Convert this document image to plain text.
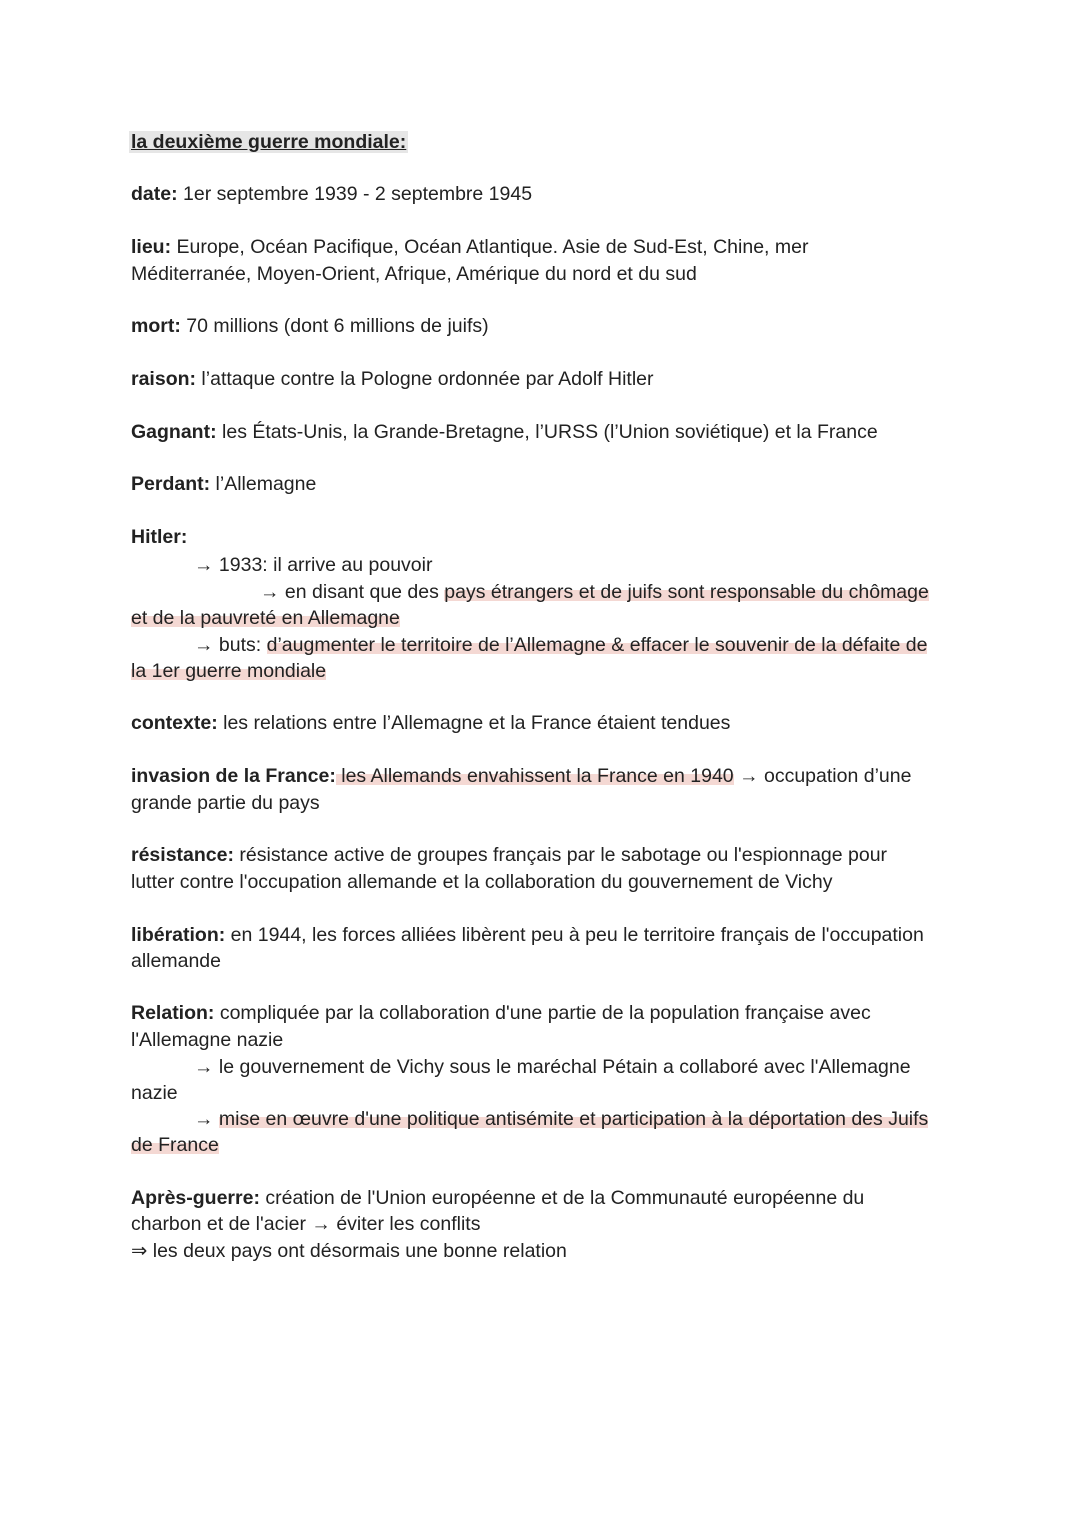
la deuxième guerre mondiale:
date: 1er septembre 1939 - 2 septembre 1945
lieu: Europe, Océan Pacifique, Océan Atlantique. Asie de Sud-Est, Chine, mer
Méditerranée, Moyen-Orient, Afrique, Amérique du nord et du sud
mort: 70 millions (dont 6 millions de juifs)
raison: l’attaque contre la Pologne ordonnée par Adolf Hitler
Gagnant: les États-Unis, la Grande-Bretagne, l’URSS (l’Union soviétique) et la France
Perdant: l’Allemagne
Hitler:
→ 1933: il arrive au pouvoir
→ en disant que des pays étrangers et de juifs sont responsable du chômage
et de la pauvreté en Allemagne
→ buts: d’augmenter le territoire de l’Allemagne & effacer le souvenir de la défaite de
la 1er guerre mondiale
contexte: les relations entre l’Allemagne et la France étaient tendues
invasion de la France: les Allemands envahissent la France en 1940 → occupation d’une
grande partie du pays
résistance: résistance active de groupes français par le sabotage ou l'espionnage pour
lutter contre l'occupation allemande et la collaboration du gouvernement de Vichy
libération: en 1944, les forces alliées libèrent peu à peu le territoire français de l'occupation
allemande
Relation: compliquée par la collaboration d'une partie de la population française avec
l'Allemagne nazie
→ le gouvernement de Vichy sous le maréchal Pétain a collaboré avec l'Allemagne
nazie
→ mise en œuvre d'une politique antisémite et participation à la déportation des Juifs
de France
Après-guerre: création de l'Union européenne et de la Communauté européenne du
charbon et de l'acier → éviter les conflits
⇒ les deux pays ont désormais une bonne relation
